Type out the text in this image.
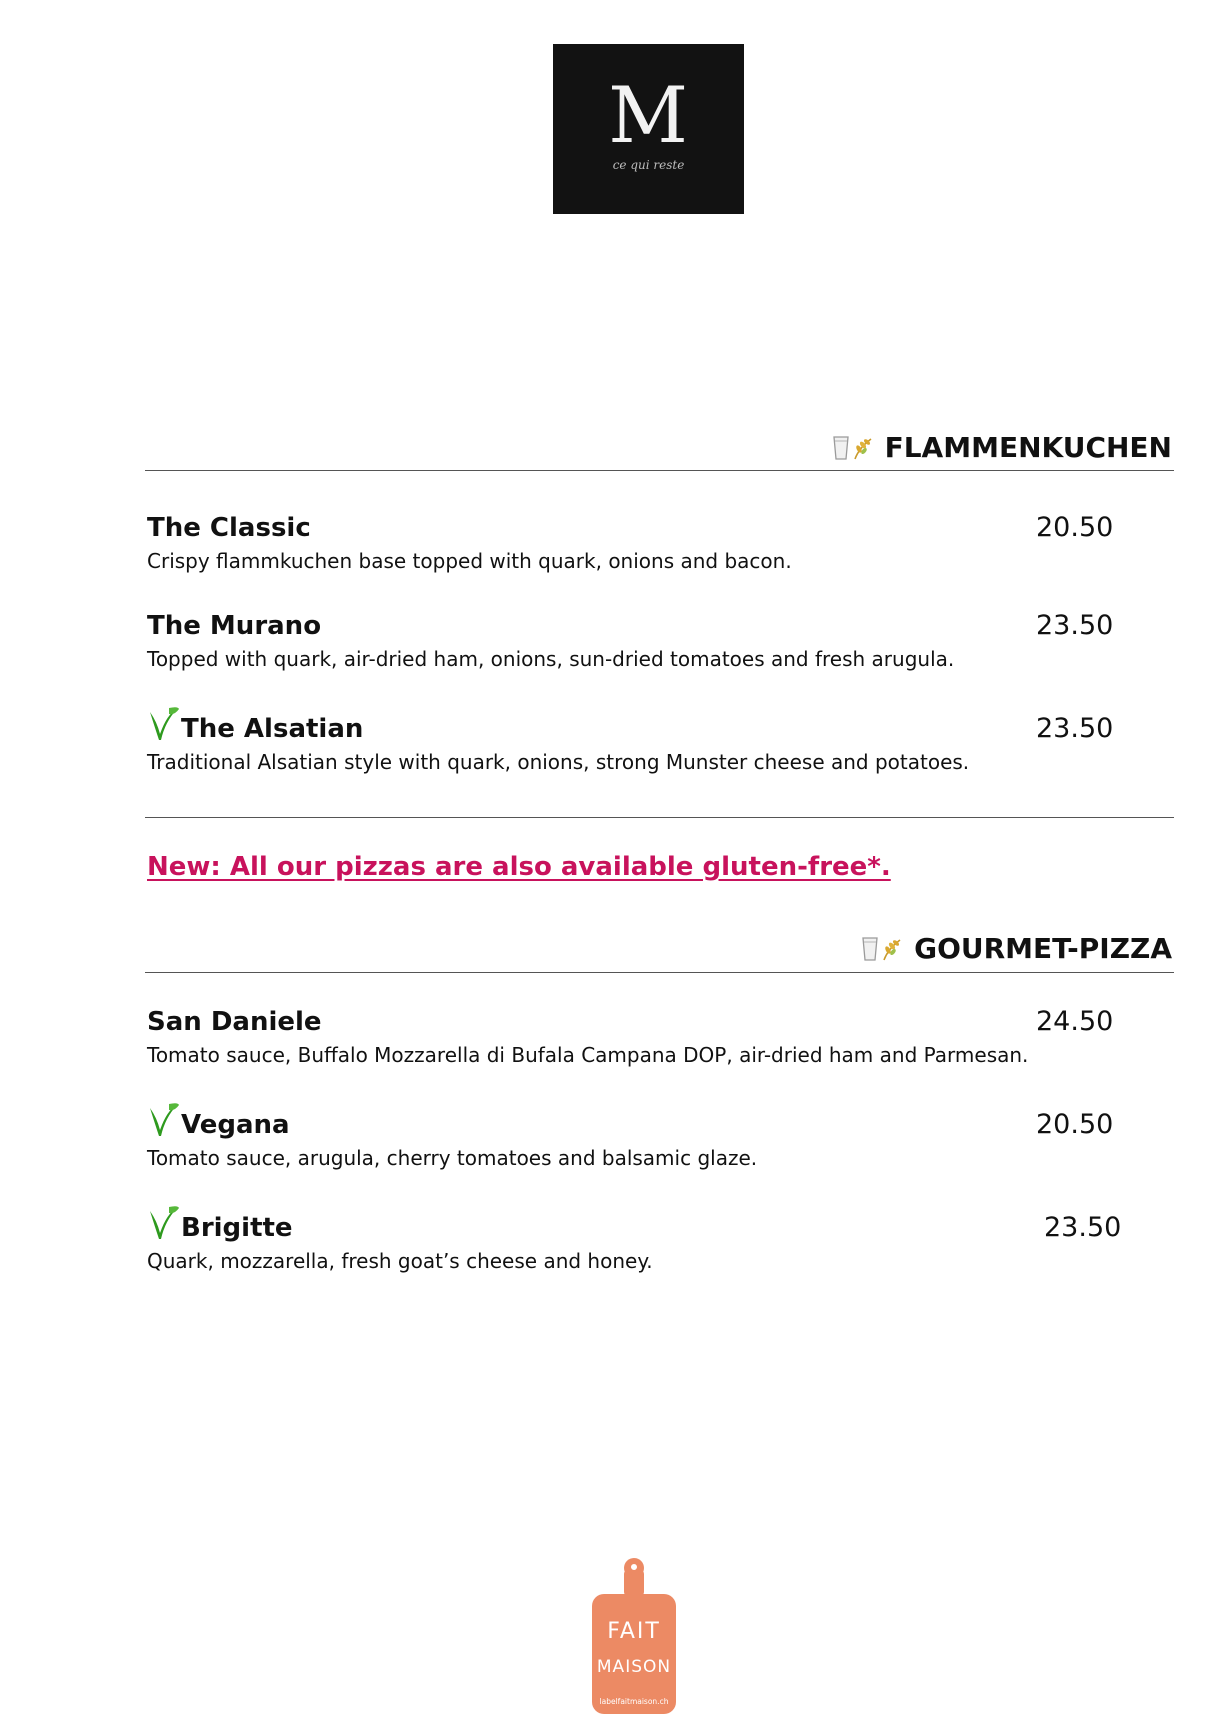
M
ce qui reste
FLAMMENKUCHEN
The Classic	20.50
Crispy flammkuchen base topped with quark, onions and bacon.
The Murano	23.50
Topped with quark, air-dried ham, onions, sun-dried tomatoes and fresh arugula.
The Alsatian	23.50
Traditional Alsatian style with quark, onions, strong Munster cheese and potatoes.
New: All our pizzas are also available gluten-free*.
GOURMET-PIZZA
San Daniele	24.50
Tomato sauce, Buffalo Mozzarella di Bufala Campana DOP, air-dried ham and Parmesan.
Vegana	20.50
Tomato sauce, arugula, cherry tomatoes and balsamic glaze.
Brigitte	23.50
Quark, mozzarella, fresh goat’s cheese and honey.
FAIT
MAISON
labelfaitmaison.ch
